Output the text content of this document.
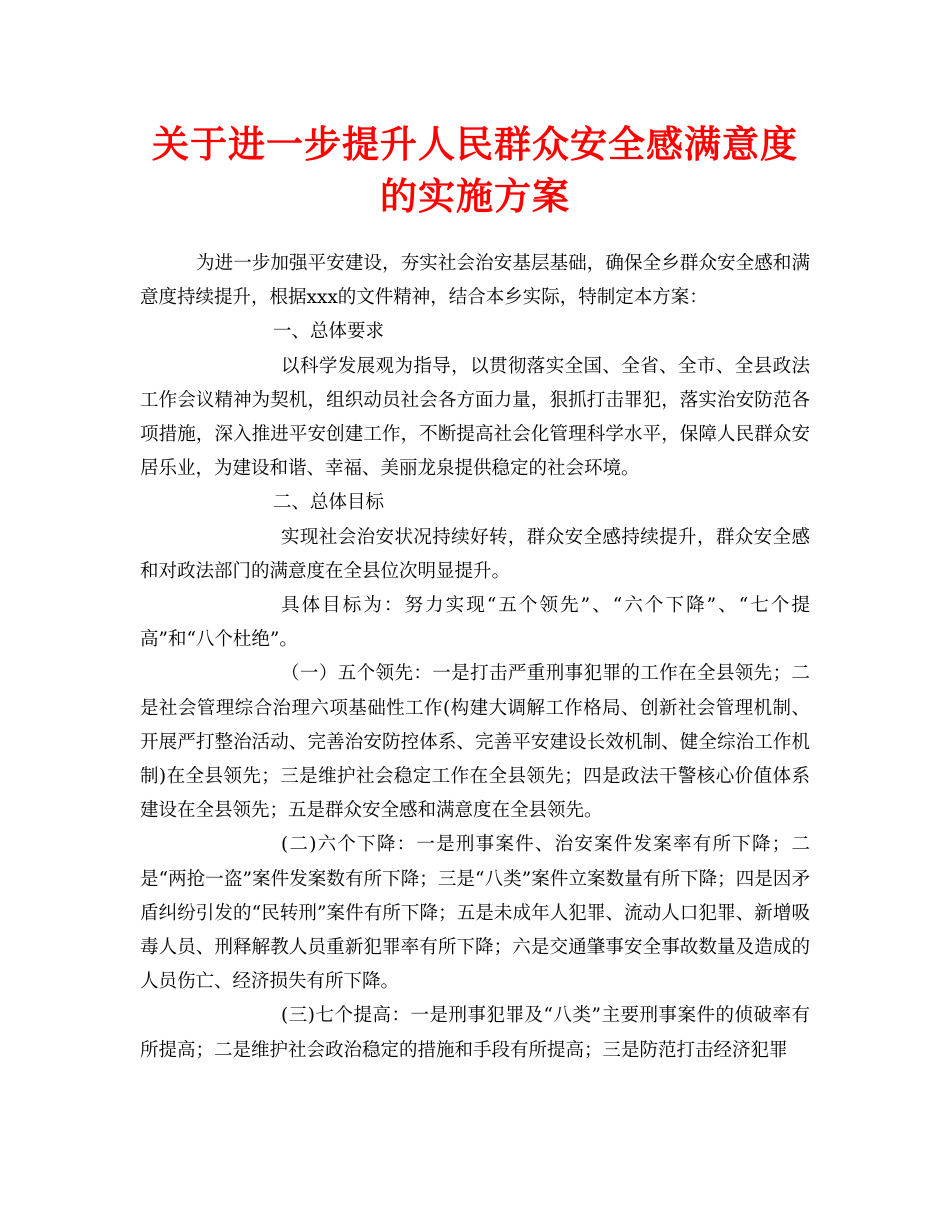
关于进一步提升人民群众安全感满意度的实施方案

为进一步加强平安建设，夯实社会治安基层基础，确保全乡群众安全感和满意度持续提升，根据xxx的文件精神，结合本乡实际，特制定本方案：

一、总体要求

以科学发展观为指导，以贯彻落实全国、全省、全市、全县政法工作会议精神为契机，组织动员社会各方面力量，狠抓打击罪犯，落实治安防范各项措施，深入推进平安创建工作，不断提高社会化管理科学水平，保障人民群众安居乐业，为建设和谐、幸福、美丽龙泉提供稳定的社会环境。

二、总体目标

实现社会治安状况持续好转，群众安全感持续提升，群众安全感和对政法部门的满意度在全县位次明显提升。

具体目标为：努力实现“五个领先”、“六个下降”、“七个提高”和“八个杜绝”。

（一）五个领先：一是打击严重刑事犯罪的工作在全县领先；二是社会管理综合治理六项基础性工作(构建大调解工作格局、创新社会管理机制、开展严打整治活动、完善治安防控体系、完善平安建设长效机制、健全综治工作机制)在全县领先；三是维护社会稳定工作在全县领先；四是政法干警核心价值体系建设在全县领先；五是群众安全感和满意度在全县领先。

(二)六个下降：一是刑事案件、治安案件发案率有所下降；二是“两抢一盗”案件发案数有所下降；三是“八类”案件立案数量有所下降；四是因矛盾纠纷引发的“民转刑”案件有所下降；五是未成年人犯罪、流动人口犯罪、新增吸毒人员、刑释解教人员重新犯罪率有所下降；六是交通肇事安全事故数量及造成的人员伤亡、经济损失有所下降。

(三)七个提高：一是刑事犯罪及“八类”主要刑事案件的侦破率有所提高；二是维护社会政治稳定的措施和手段有所提高；三是防范打击经济犯罪
